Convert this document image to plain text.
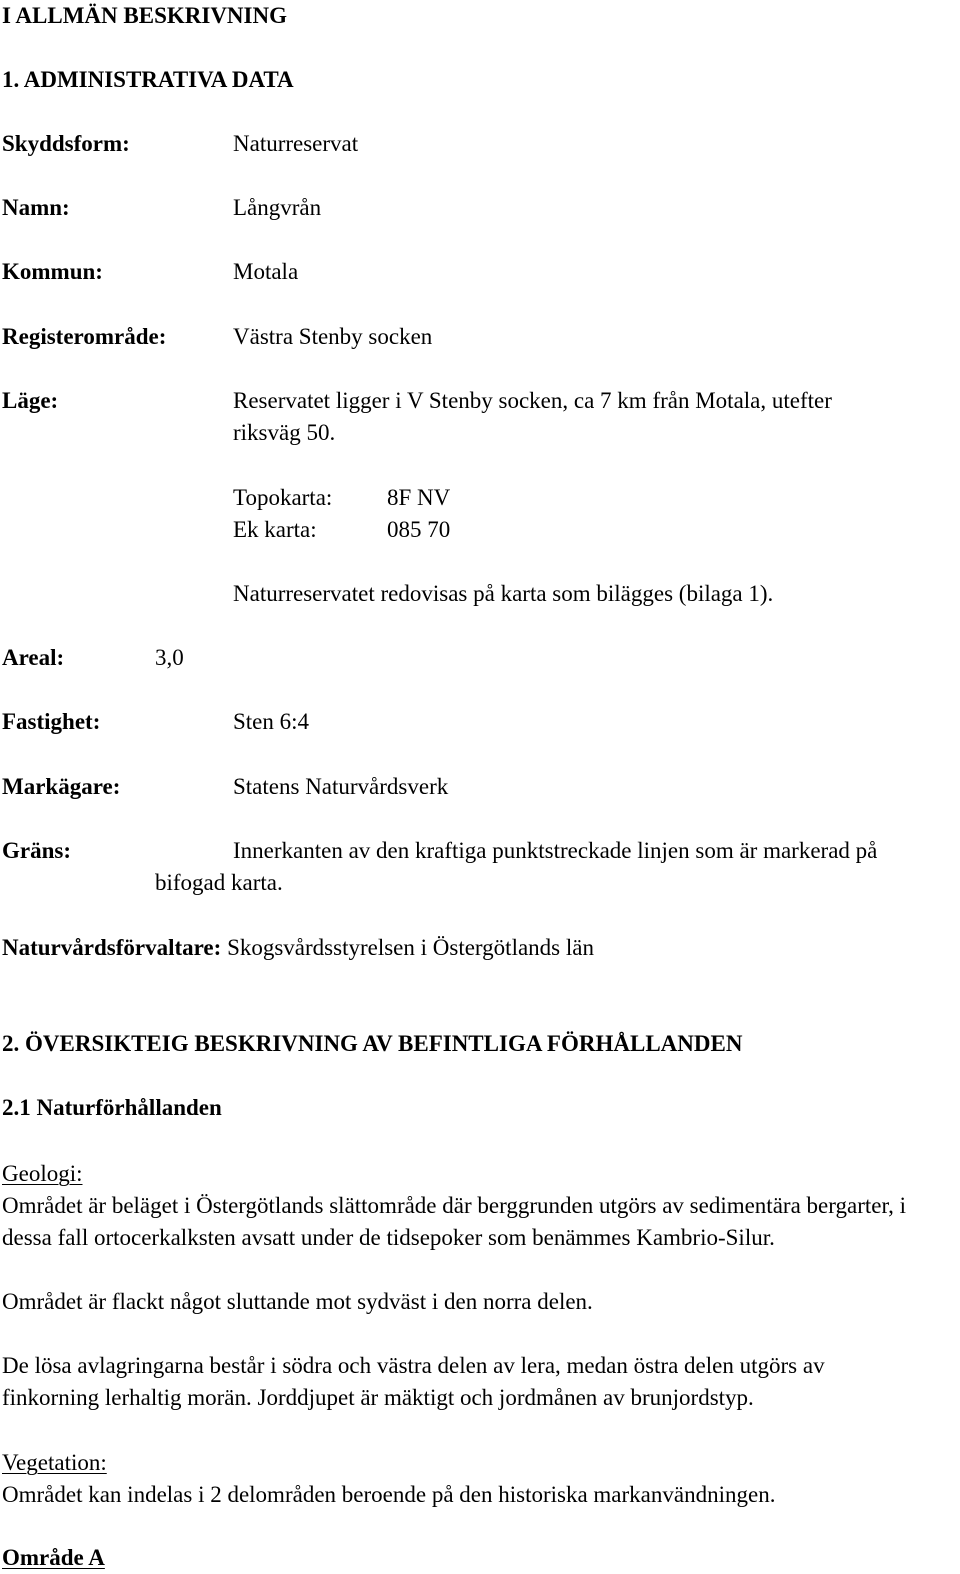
I ALLMÄN BESKRIVNING

1. ADMINISTRATIVA DATA

Skyddsform:	Naturreservat

Namn:	Långvrån

Kommun:	Motala

Registerområde:	Västra Stenby socken

Läge:	Reservatet ligger i V Stenby socken, ca 7 km från Motala, utefter

riksväg 50.

Topokarta: 8F NV

Ek karta:	085 70

Naturreservatet redovisas på karta som bilägges (bilaga 1).

Areal:	3,0

Fastighet:	Sten 6:4

Markägare:	Statens Naturvårdsverk

Gräns:	Innerkanten av den kraftiga punktstreckade linjen som är markerad på

bifogad karta.

Naturvårdsförvaltare: Skogsvårdsstyrelsen i Östergötlands län

2. ÖVERSIKTEIG BESKRIVNING AV BEFINTLIGA FÖRHÅLLANDEN

2.1 Naturförhållanden

Geologi:

Området är beläget i Östergötlands slättområde där berggrunden utgörs av sedimentära bergarter, i

dessa fall ortocerkalksten avsatt under de tidsepoker som benämmes Kambrio-Silur.

Området är flackt något sluttande mot sydväst i den norra delen.

De lösa avlagringarna består i södra och västra delen av lera, medan östra delen utgörs av

finkorning lerhaltig morän. Jorddjupet är mäktigt och jordmånen av brunjordstyp.

Vegetation:

Området kan indelas i 2 delområden beroende på den historiska markanvändningen.

Område A
